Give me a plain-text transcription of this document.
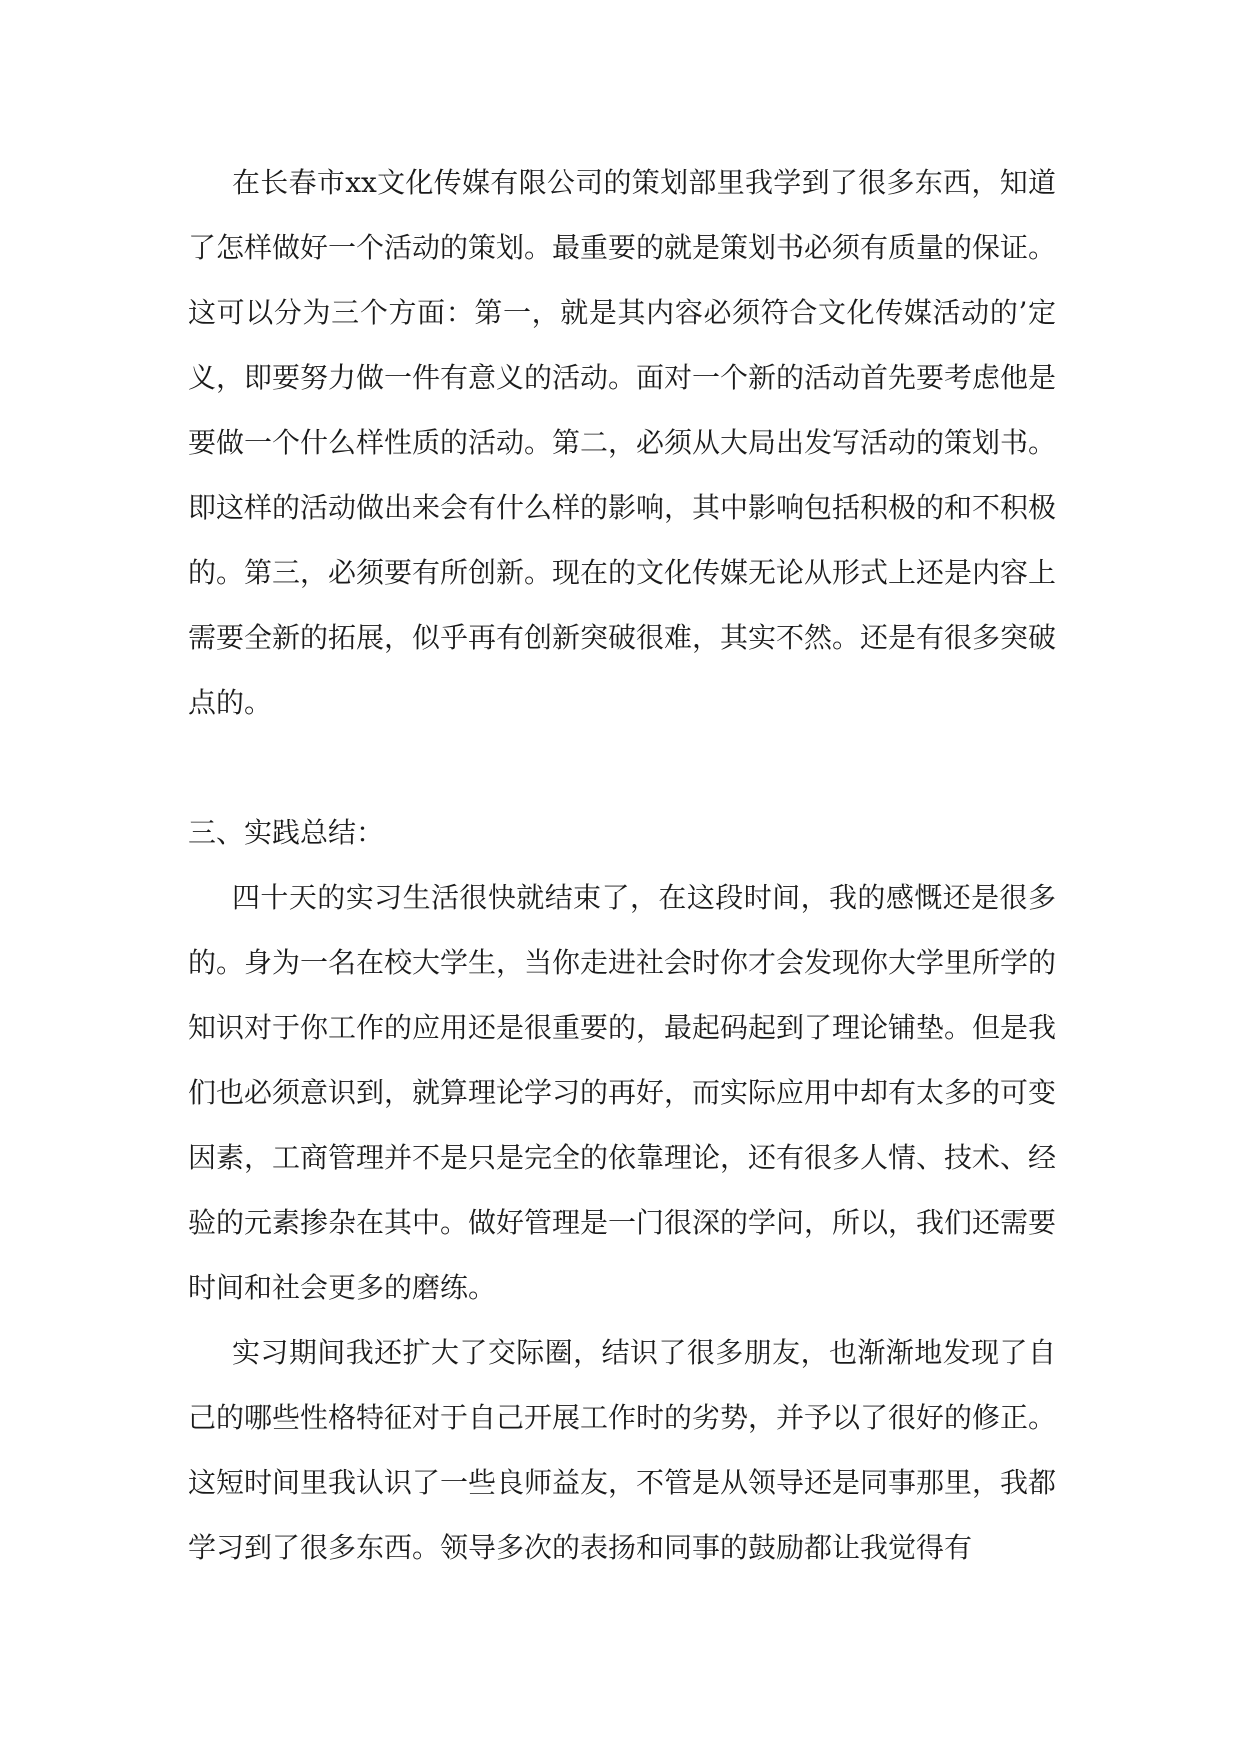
在长春市xx文化传媒有限公司的策划部里我学到了很多东西，知道了怎样做好一个活动的策划。最重要的就是策划书必须有质量的保证。这可以分为三个方面：第一，就是其内容必须符合文化传媒活动的’定义，即要努力做一件有意义的活动。面对一个新的活动首先要考虑他是要做一个什么样性质的活动。第二，必须从大局出发写活动的策划书。即这样的活动做出来会有什么样的影响，其中影响包括积极的和不积极的。第三，必须要有所创新。现在的文化传媒无论从形式上还是内容上需要全新的拓展，似乎再有创新突破很难，其实不然。还是有很多突破点的。

三、实践总结：

四十天的实习生活很快就结束了，在这段时间，我的感慨还是很多的。身为一名在校大学生，当你走进社会时你才会发现你大学里所学的知识对于你工作的应用还是很重要的，最起码起到了理论铺垫。但是我们也必须意识到，就算理论学习的再好，而实际应用中却有太多的可变因素，工商管理并不是只是完全的依靠理论，还有很多人情、技术、经验的元素掺杂在其中。做好管理是一门很深的学问，所以，我们还需要时间和社会更多的磨练。

实习期间我还扩大了交际圈，结识了很多朋友，也渐渐地发现了自己的哪些性格特征对于自己开展工作时的劣势，并予以了很好的修正。这短时间里我认识了一些良师益友，不管是从领导还是同事那里，我都学习到了很多东西。领导多次的表扬和同事的鼓励都让我觉得有
